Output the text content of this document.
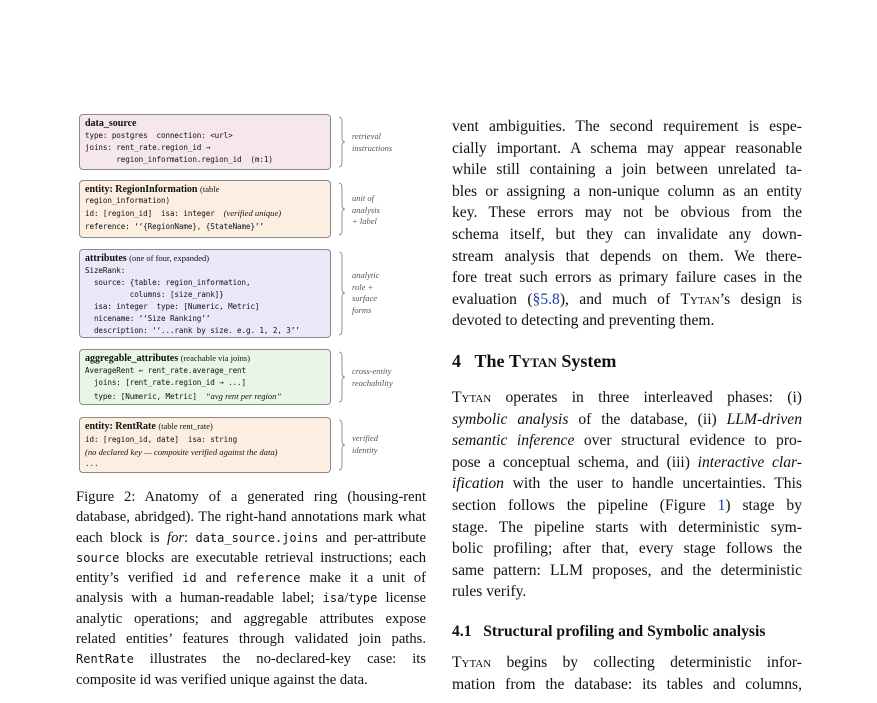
data_source
type: postgres  connection: <url>
joins: rent_rate.region_id →
region_information.region_id  (m:1)
retrieval
instructions
entity: RegionInformation (table
region_information)
id: [region_id]  isa: integer (verified unique)
reference: ‘‘{RegionName}, {StateName}’’
unit of
analysis
+ label
attributes (one of four, expanded)
SizeRank:
source: {table: region_information,
columns: [size_rank]}
isa: integer  type: [Numeric, Metric]
nicename: ‘‘Size Ranking’’
description: ‘‘...rank by size. e.g. 1, 2, 3’’
analytic
role +
surface
forms
aggregable_attributes (reachable via joins)
AverageRent ← rent_rate.average_rent
joins: [rent_rate.region_id → ...]
type: [Numeric, Metric] “avg rent per region”
cross-entity
reachability
entity: RentRate (table rent_rate)
id: [region_id, date]  isa: string
(no declared key — composite verified against the data)
...
verified
identity
Figure 2: Anatomy of a generated ring (housing-rent database, abridged). The right-hand annotations mark what each block is for: data_source.joins and per-attribute source blocks are executable retrieval instructions; each entity’s verified id and reference make it a unit of analysis with a human-readable label; isa/type license analytic operations; and aggregable attributes expose related entities’ features through validated join paths. RentRate illustrates the no-declared-key case: its composite id was verified unique against the data.
vent ambiguities. The second requirement is espe-
cially important. A schema may appear reasonable
while still containing a join between unrelated ta-
bles or assigning a non-unique column as an entity
key. These errors may not be obvious from the
schema itself, but they can invalidate any down-
stream analysis that depends on them. We there-
fore treat such errors as primary failure cases in the
evaluation (§5.8), and much of Tytan’s design is
devoted to detecting and preventing them.
4 The Tytan System
Tytan operates in three interleaved phases: (i)
symbolic analysis of the database, (ii) LLM-driven
semantic inference over structural evidence to pro-
pose a conceptual schema, and (iii) interactive clar-
ification with the user to handle uncertainties. This
section follows the pipeline (Figure 1) stage by
stage. The pipeline starts with deterministic sym-
bolic profiling; after that, every stage follows the
same pattern: LLM proposes, and the deterministic
rules verify.
4.1 Structural profiling and Symbolic analysis
Tytan begins by collecting deterministic infor-
mation from the database: its tables and columns,
